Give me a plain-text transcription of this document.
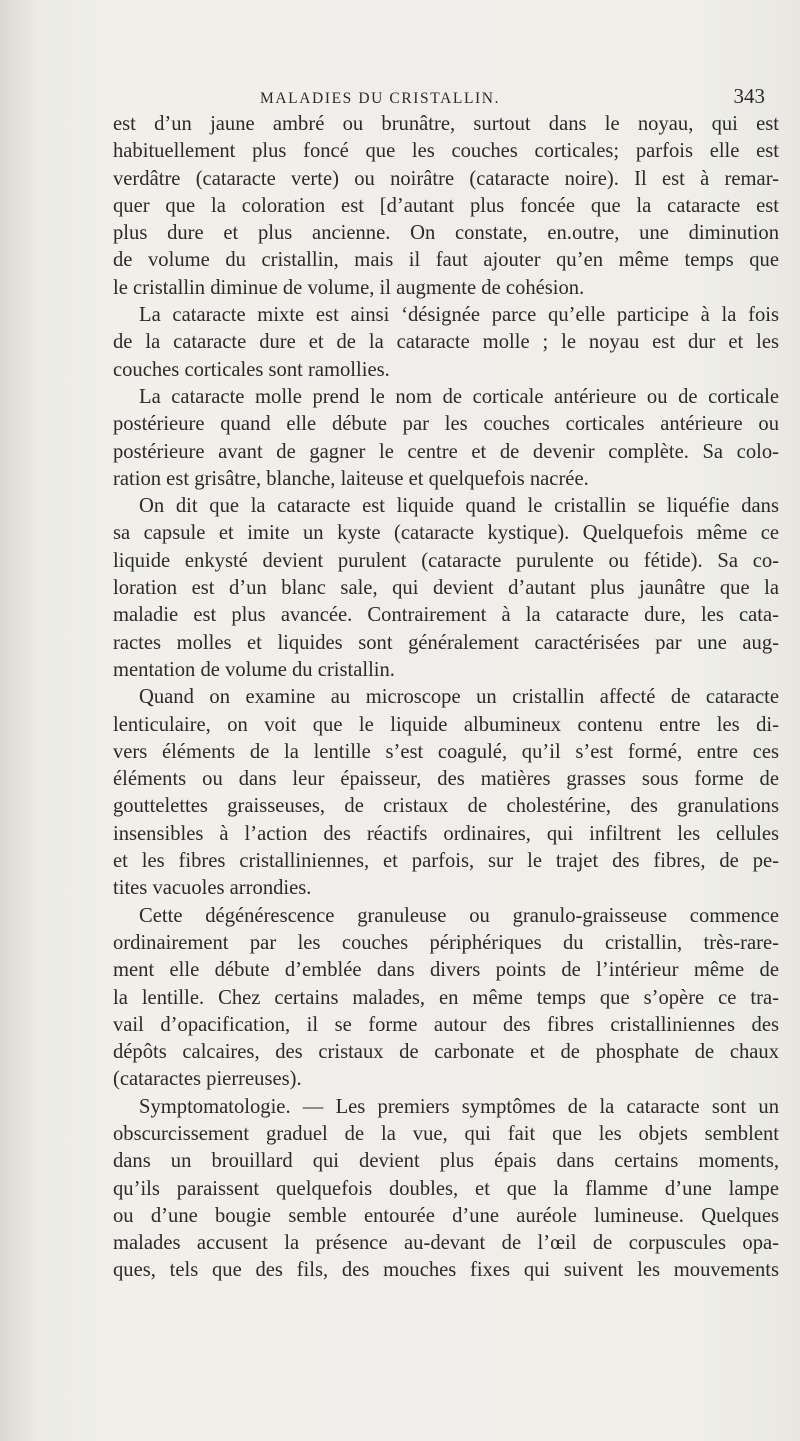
MALADIES DU CRISTALLIN.	343
est d’un jaune ambré ou brunâtre, surtout dans le noyau, qui est
habituellement plus foncé que les couches corticales; parfois elle est
verdâtre (cataracte verte) ou noirâtre (cataracte noire). Il est à remar-
quer que la coloration est [d’autant plus foncée que la cataracte est
plus dure et plus ancienne. On constate, en.outre, une diminution
de volume du cristallin, mais il faut ajouter qu’en même temps que
le cristallin diminue de volume, il augmente de cohésion.
La cataracte mixte est ainsi ‘désignée parce qu’elle participe à la fois
de la cataracte dure et de la cataracte molle ; le noyau est dur et les
couches corticales sont ramollies.
La cataracte molle prend le nom de corticale antérieure ou de corticale
postérieure quand elle débute par les couches corticales antérieure ou
postérieure avant de gagner le centre et de devenir complète. Sa colo-
ration est grisâtre, blanche, laiteuse et quelquefois nacrée.
On dit que la cataracte est liquide quand le cristallin se liquéfie dans
sa capsule et imite un kyste (cataracte kystique). Quelquefois même ce
liquide enkysté devient purulent (cataracte purulente ou fétide). Sa co-
loration est d’un blanc sale, qui devient d’autant plus jaunâtre que la
maladie est plus avancée. Contrairement à la cataracte dure, les cata-
ractes molles et liquides sont généralement caractérisées par une aug-
mentation de volume du cristallin.
Quand on examine au microscope un cristallin affecté de cataracte
lenticulaire, on voit que le liquide albumineux contenu entre les di-
vers éléments de la lentille s’est coagulé, qu’il s’est formé, entre ces
éléments ou dans leur épaisseur, des matières grasses sous forme de
gouttelettes graisseuses, de cristaux de cholestérine, des granulations
insensibles à l’action des réactifs ordinaires, qui infiltrent les cellules
et les fibres cristalliniennes, et parfois, sur le trajet des fibres, de pe-
tites vacuoles arrondies.
Cette dégénérescence granuleuse ou granulo-graisseuse commence
ordinairement par les couches périphériques du cristallin, très-rare-
ment elle débute d’emblée dans divers points de l’intérieur même de
la lentille. Chez certains malades, en même temps que s’opère ce tra-
vail d’opacification, il se forme autour des fibres cristalliniennes des
dépôts calcaires, des cristaux de carbonate et de phosphate de chaux
(cataractes pierreuses).
Symptomatologie. — Les premiers symptômes de la cataracte sont un
obscurcissement graduel de la vue, qui fait que les objets semblent
dans un brouillard qui devient plus épais dans certains moments,
qu’ils paraissent quelquefois doubles, et que la flamme d’une lampe
ou d’une bougie semble entourée d’une auréole lumineuse. Quelques
malades accusent la présence au-devant de l’œil de corpuscules opa-
ques, tels que des fils, des mouches fixes qui suivent les mouvements
